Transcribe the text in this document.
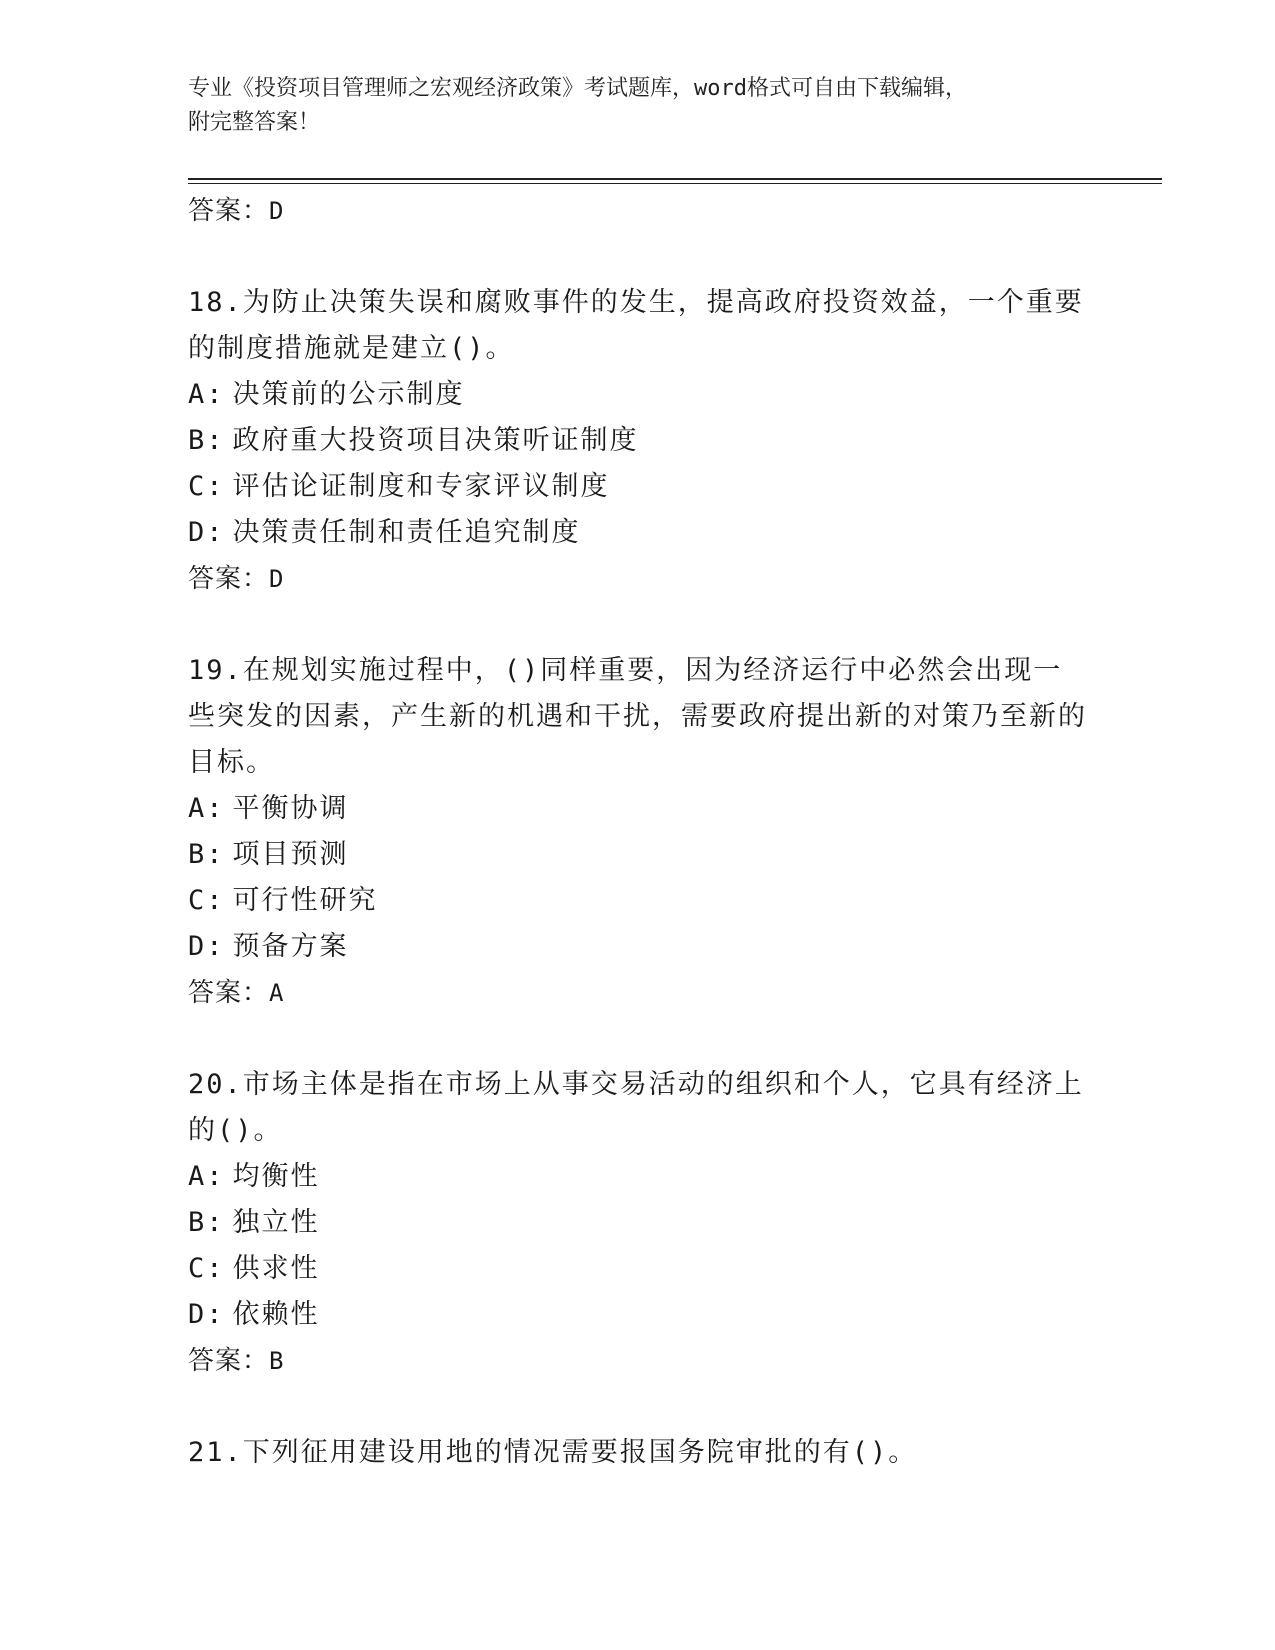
专业《投资项目管理师之宏观经济政策》考试题库，word格式可自由下载编辑，
附完整答案！
答案：D

18.为防止决策失误和腐败事件的发生，提高政府投资效益，一个重要的制度措施就是建立()。

A: 决策前的公示制度
B: 政府重大投资项目决策听证制度
C: 评估论证制度和专家评议制度
D: 决策责任制和责任追究制度
答案：D

19.在规划实施过程中，()同样重要，因为经济运行中必然会出现一些突发的因素，产生新的机遇和干扰，需要政府提出新的对策乃至新的目标。

A: 平衡协调
B: 项目预测
C: 可行性研究
D: 预备方案
答案：A

20.市场主体是指在市场上从事交易活动的组织和个人，它具有经济上的()。

A: 均衡性
B: 独立性
C: 供求性
D: 依赖性
答案：B

21.下列征用建设用地的情况需要报国务院审批的有()。
